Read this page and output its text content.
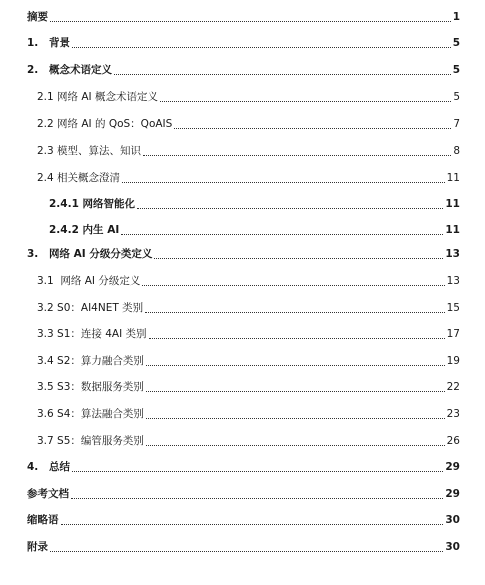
摘要	1
1.	背景	5
2.	概念术语定义	5
2.1 网络 AI 概念术语定义	5
2.2 网络 AI 的 QoS：QoAIS	7
2.3 模型、算法、知识	8
2.4 相关概念澄清	11
2.4.1 网络智能化	11
2.4.2 内生 AI	11
3.	网络 AI 分级分类定义	13
3.1  网络 AI 分级定义	13
3.2 S0：AI4NET 类别	15
3.3 S1：连接 4AI 类别	17
3.4 S2：算力融合类别	19
3.5 S3：数据服务类别	22
3.6 S4：算法融合类别	23
3.7 S5：编管服务类别	26
4.	总结	29
参考文档	29
缩略语	30
附录	30
